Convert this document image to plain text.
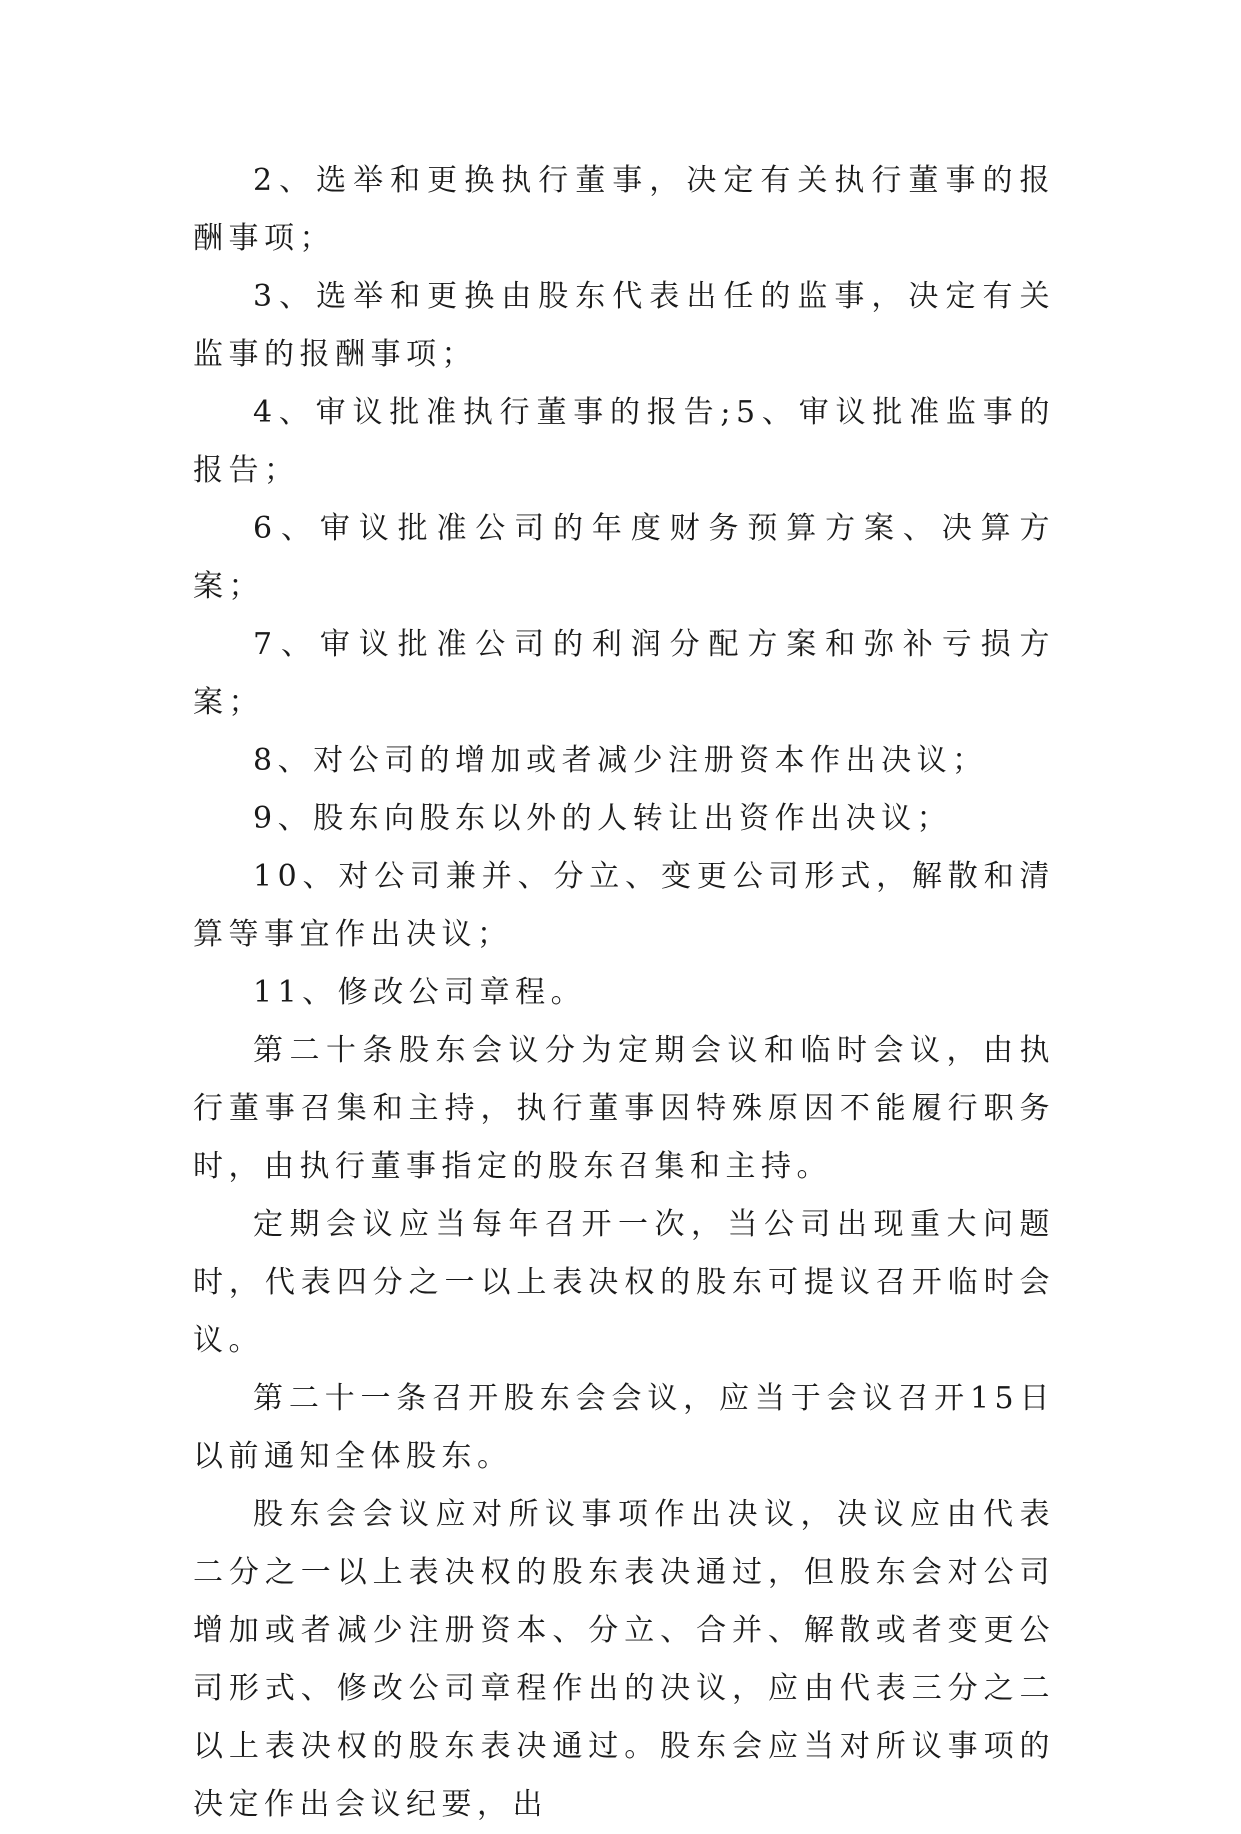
2、选举和更换执行董事，决定有关执行董事的报酬事项；

3、选举和更换由股东代表出任的监事，决定有关监事的报酬事项；

4、审议批准执行董事的报告;5、审议批准监事的报告；

6、审议批准公司的年度财务预算方案、决算方案；

7、审议批准公司的利润分配方案和弥补亏损方案；

8、对公司的增加或者减少注册资本作出决议；

9、股东向股东以外的人转让出资作出决议；

10、对公司兼并、分立、变更公司形式，解散和清算等事宜作出决议；

11、修改公司章程。

第二十条股东会议分为定期会议和临时会议，由执行董事召集和主持，执行董事因特殊原因不能履行职务时，由执行董事指定的股东召集和主持。

定期会议应当每年召开一次，当公司出现重大问题时，代表四分之一以上表决权的股东可提议召开临时会议。

第二十一条召开股东会会议，应当于会议召开15日以前通知全体股东。

股东会会议应对所议事项作出决议，决议应由代表二分之一以上表决权的股东表决通过，但股东会对公司增加或者减少注册资本、分立、合并、解散或者变更公司形式、修改公司章程作出的决议，应由代表三分之二以上表决权的股东表决通过。股东会应当对所议事项的决定作出会议纪要，出
